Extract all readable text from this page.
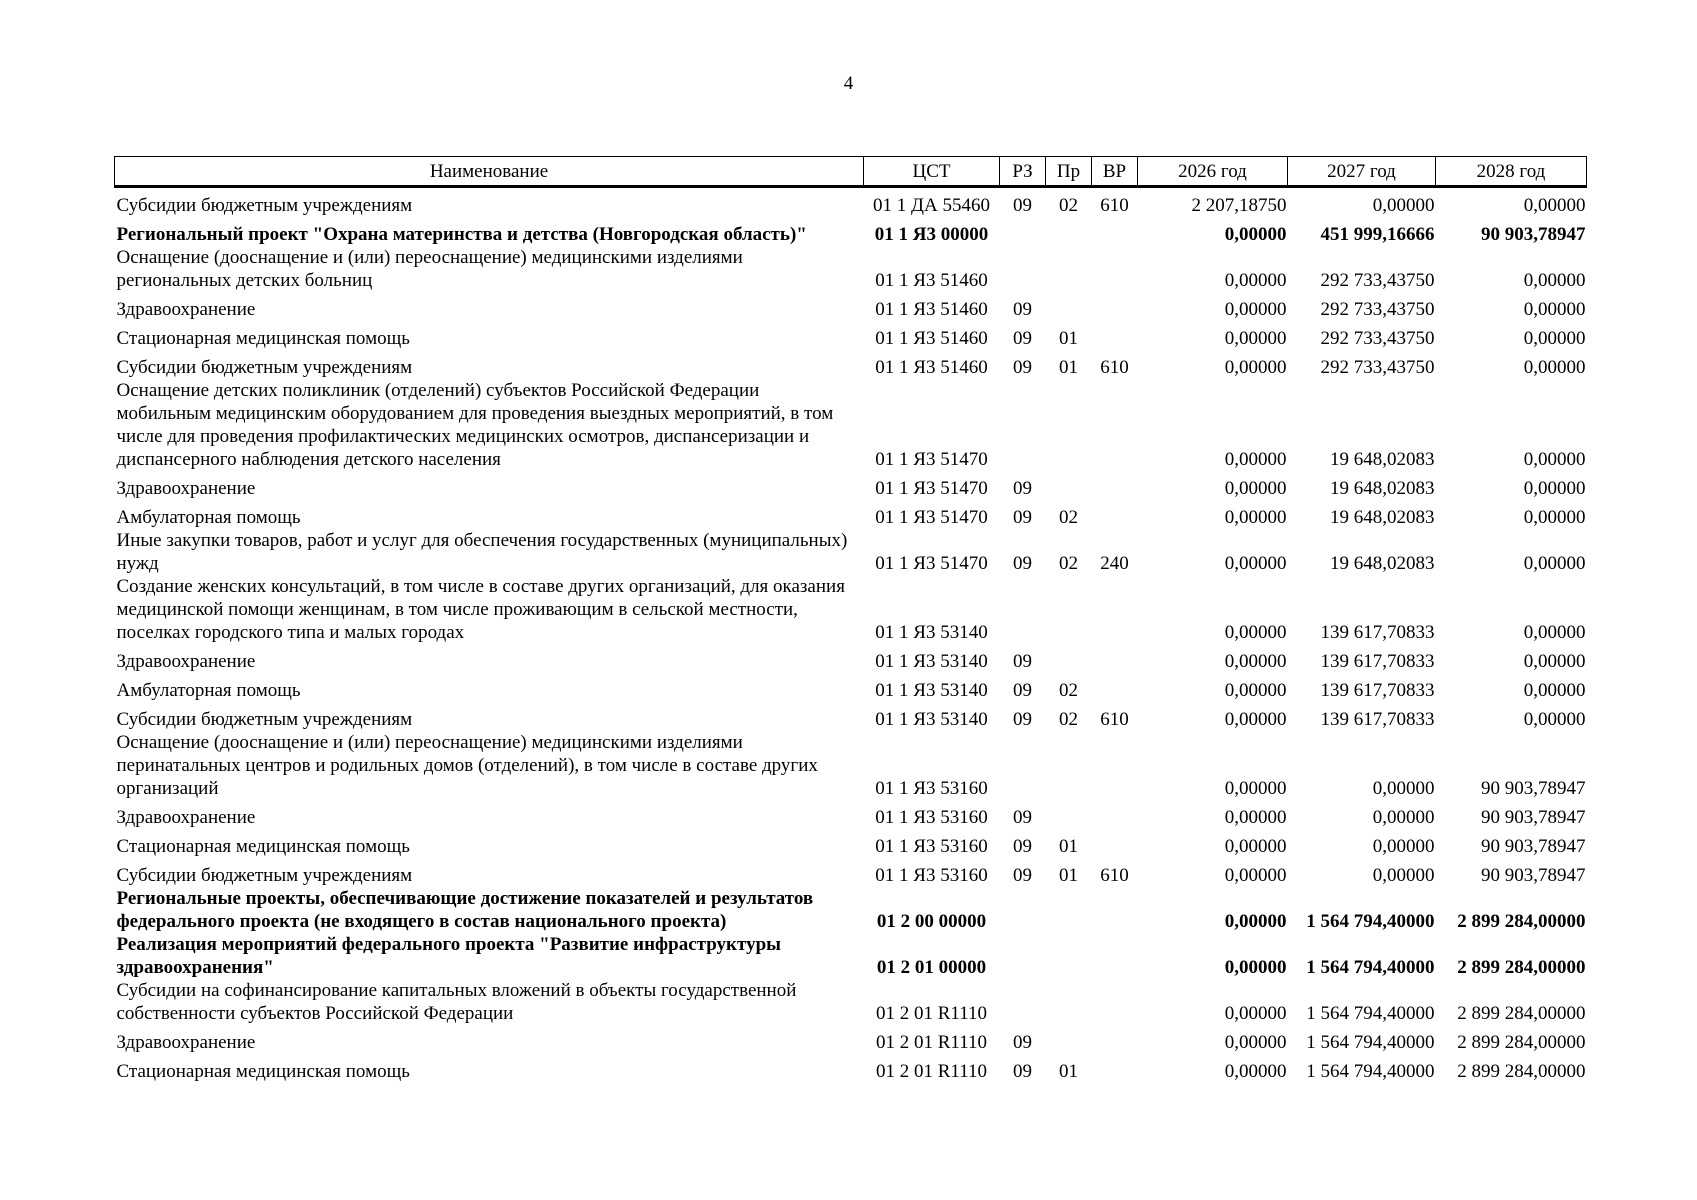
4
Наименование	ЦСТ	РЗ	Пр	ВР	2026 год	2027 год	2028 год
Субсидии бюджетным учреждениям	01 1 ДА 55460	09	02	610	2 207,18750	0,00000	0,00000
Региональный проект "Охрана материнства и детства (Новгородская область)"	01 1 Я3 00000				0,00000	451 999,16666	90 903,78947
Оснащение (дооснащение и (или) переоснащение) медицинскими изделиями региональных детских больниц	01 1 Я3 51460				0,00000	292 733,43750	0,00000
Здравоохранение	01 1 Я3 51460	09			0,00000	292 733,43750	0,00000
Стационарная медицинская помощь	01 1 Я3 51460	09	01		0,00000	292 733,43750	0,00000
Субсидии бюджетным учреждениям	01 1 Я3 51460	09	01	610	0,00000	292 733,43750	0,00000
Оснащение детских поликлиник (отделений) субъектов Российской Федерации мобильным медицинским оборудованием для проведения выездных мероприятий, в том числе для проведения профилактических медицинских осмотров, диспансеризации и диспансерного наблюдения детского населения	01 1 Я3 51470				0,00000	19 648,02083	0,00000
Здравоохранение	01 1 Я3 51470	09			0,00000	19 648,02083	0,00000
Амбулаторная помощь	01 1 Я3 51470	09	02		0,00000	19 648,02083	0,00000
Иные закупки товаров, работ и услуг для обеспечения государственных (муниципальных) нужд	01 1 Я3 51470	09	02	240	0,00000	19 648,02083	0,00000
Создание женских консультаций, в том числе в составе других организаций, для оказания медицинской помощи женщинам, в том числе проживающим в сельской местности, поселках городского типа и малых городах	01 1 Я3 53140				0,00000	139 617,70833	0,00000
Здравоохранение	01 1 Я3 53140	09			0,00000	139 617,70833	0,00000
Амбулаторная помощь	01 1 Я3 53140	09	02		0,00000	139 617,70833	0,00000
Субсидии бюджетным учреждениям	01 1 Я3 53140	09	02	610	0,00000	139 617,70833	0,00000
Оснащение (дооснащение и (или) переоснащение) медицинскими изделиями перинатальных центров и родильных домов (отделений), в том числе в составе других организаций	01 1 Я3 53160				0,00000	0,00000	90 903,78947
Здравоохранение	01 1 Я3 53160	09			0,00000	0,00000	90 903,78947
Стационарная медицинская помощь	01 1 Я3 53160	09	01		0,00000	0,00000	90 903,78947
Субсидии бюджетным учреждениям	01 1 Я3 53160	09	01	610	0,00000	0,00000	90 903,78947
Региональные проекты, обеспечивающие достижение показателей и результатов федерального проекта (не входящего в состав национального проекта)	01 2 00 00000				0,00000	1 564 794,40000	2 899 284,00000
Реализация мероприятий федерального проекта "Развитие инфраструктуры здравоохранения"	01 2 01 00000				0,00000	1 564 794,40000	2 899 284,00000
Субсидии на софинансирование капитальных вложений в объекты государственной собственности субъектов Российской Федерации	01 2 01 R1110				0,00000	1 564 794,40000	2 899 284,00000
Здравоохранение	01 2 01 R1110	09			0,00000	1 564 794,40000	2 899 284,00000
Стационарная медицинская помощь	01 2 01 R1110	09	01		0,00000	1 564 794,40000	2 899 284,00000
